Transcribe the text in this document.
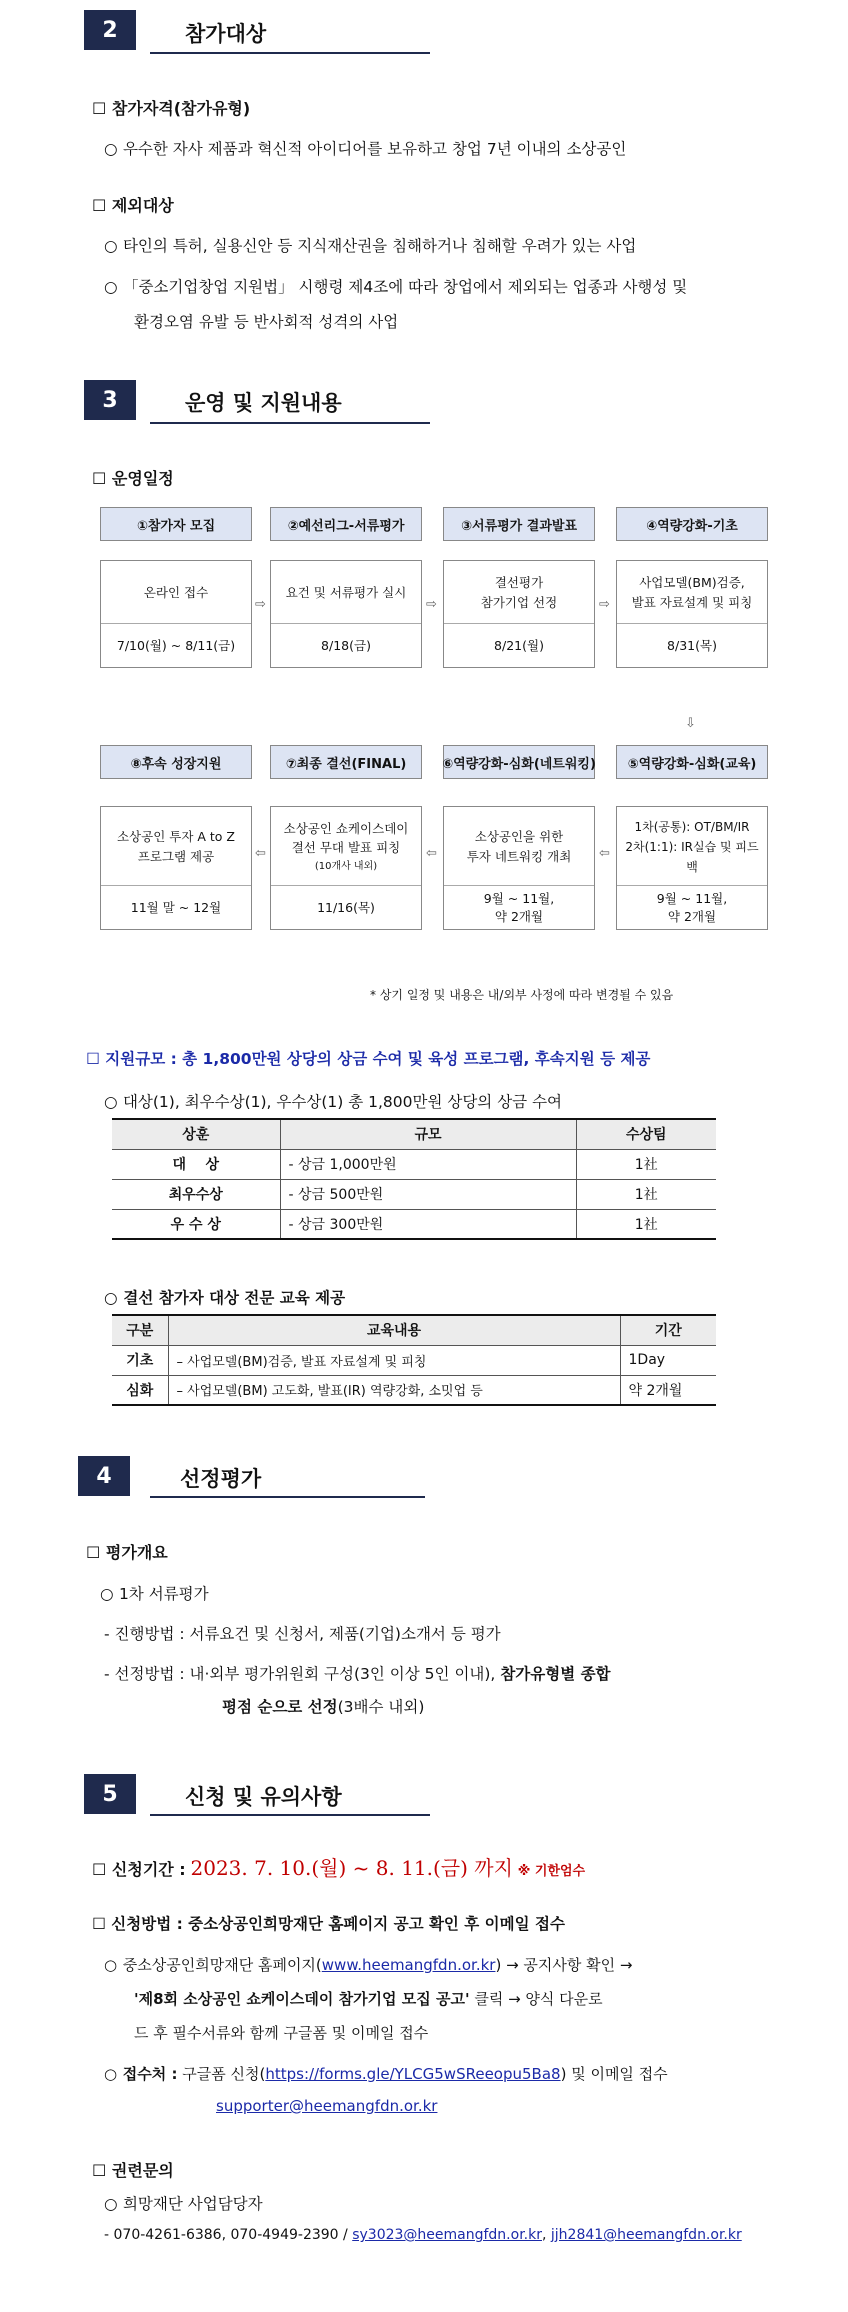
2	참가대상
☐ 참가자격(참가유형)
○ 우수한 자사 제품과 혁신적 아이디어를 보유하고 창업 7년 이내의 소상공인
☐ 제외대상
○ 타인의 특허, 실용신안 등 지식재산권을 침해하거나 침해할 우려가 있는 사업
○ 「중소기업창업 지원법」 시행령 제4조에 따라 창업에서 제외되는 업종과 사행성 및
환경오염 유발 등 반사회적 성격의 사업
3	운영 및 지원내용
☐ 운영일정
①참가자 모집	②예선리그-서류평가	③서류평가 결과발표	④역량강화-기초
온라인 접수
7/10(월) ~ 8/11(금)
요건 및 서류평가 실시
8/18(금)
결선평가
참가기업 선정
8/21(월)
사업모델(BM)검증,
발표 자료설계 및 피칭
8/31(목)
⇨	⇨	⇨
⇩
⑧후속 성장지원	⑦최종 결선(FINAL)	⑥역량강화-심화(네트워킹)	⑤역량강화-심화(교육)
소상공인 투자 A to Z
프로그램 제공
11월 말 ~ 12월
소상공인 쇼케이스데이
결선 무대 발표 피칭
(10개사 내외)
11/16(목)
소상공인을 위한
투자 네트워킹 개최
9월 ~ 11월,
약 2개월
1차(공통): OT/BM/IR
2차(1:1): IR실습 및 피드백
9월 ~ 11월,
약 2개월
⇦	⇦	⇦
* 상기 일정 및 내용은 내/외부 사정에 따라 변경될 수 있음
☐ 지원규모 : 총 1,800만원 상당의 상금 수여 및 육성 프로그램, 후속지원 등 제공
○ 대상(1), 최우수상(1), 우수상(1) 총 1,800만원 상당의 상금 수여
상훈	규모	수상팀
대    상	- 상금 1,000만원	1社
최우수상	- 상금 500만원	1社
우 수 상	- 상금 300만원	1社
○ 결선 참가자 대상 전문 교육 제공
구분	교육내용	기간
기초	– 사업모델(BM)검증, 발표 자료설계 및 피칭	1Day
심화	– 사업모델(BM) 고도화, 발표(IR) 역량강화, 소밋업 등	약 2개월
4	선정평가
☐ 평가개요
○ 1차 서류평가
- 진행방법 : 서류요건 및 신청서, 제품(기업)소개서 등 평가
- 선정방법 : 내·외부 평가위원회 구성(3인 이상 5인 이내), 참가유형별 종합
평점 순으로 선정(3배수 내외)
5	신청 및 유의사항
☐ 신청기간 : 2023. 7. 10.(월) ~ 8. 11.(금) 까지 ※ 기한엄수
☐ 신청방법 : 중소상공인희망재단 홈페이지 공고 확인 후 이메일 접수
○ 중소상공인희망재단 홈페이지(www.heemangfdn.or.kr) → 공지사항 확인 →
'제8회 소상공인 쇼케이스데이 참가기업 모집 공고' 클릭 → 양식 다운로
드 후 필수서류와 함께 구글폼 및 이메일 접수
○ 접수처 : 구글폼 신청(https://forms.gle/YLCG5wSReeopu5Ba8) 및 이메일 접수
supporter@heemangfdn.or.kr
☐ 권련문의
○ 희망재단 사업담당자
- 070-4261-6386, 070-4949-2390 / sy3023@heemangfdn.or.kr, jjh2841@heemangfdn.or.kr
